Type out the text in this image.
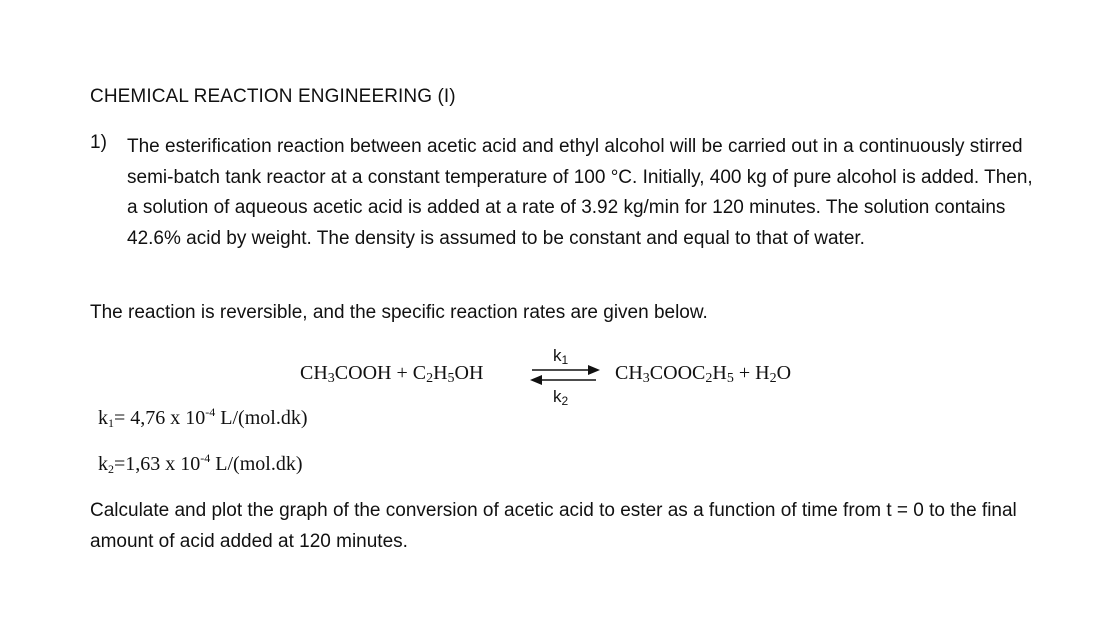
CHEMICAL REACTION ENGINEERING (I)
1) The esterification reaction between acetic acid and ethyl alcohol will be carried out in a continuously stirred semi-batch tank reactor at a constant temperature of 100 °C. Initially, 400 kg of pure alcohol is added. Then, a solution of aqueous acetic acid is added at a rate of 3.92 kg/min for 120 minutes. The solution contains 42.6% acid by weight. The density is assumed to be constant and equal to that of water.
The reaction is reversible, and the specific reaction rates are given below.
$CH_3COOH + C_2H_5OH$
$k_1$
$k_2$
$CH_3COOC_2H_5 + H_2O$
$k_1= 4,76$ x $10^{-4}$ L/(mol.dk)
$k_2=1,63$ x $10^{-4}$ L/(mol.dk)
Calculate and plot the graph of the conversion of acetic acid to ester as a function of time from t = 0 to the final amount of acid added at 120 minutes.
